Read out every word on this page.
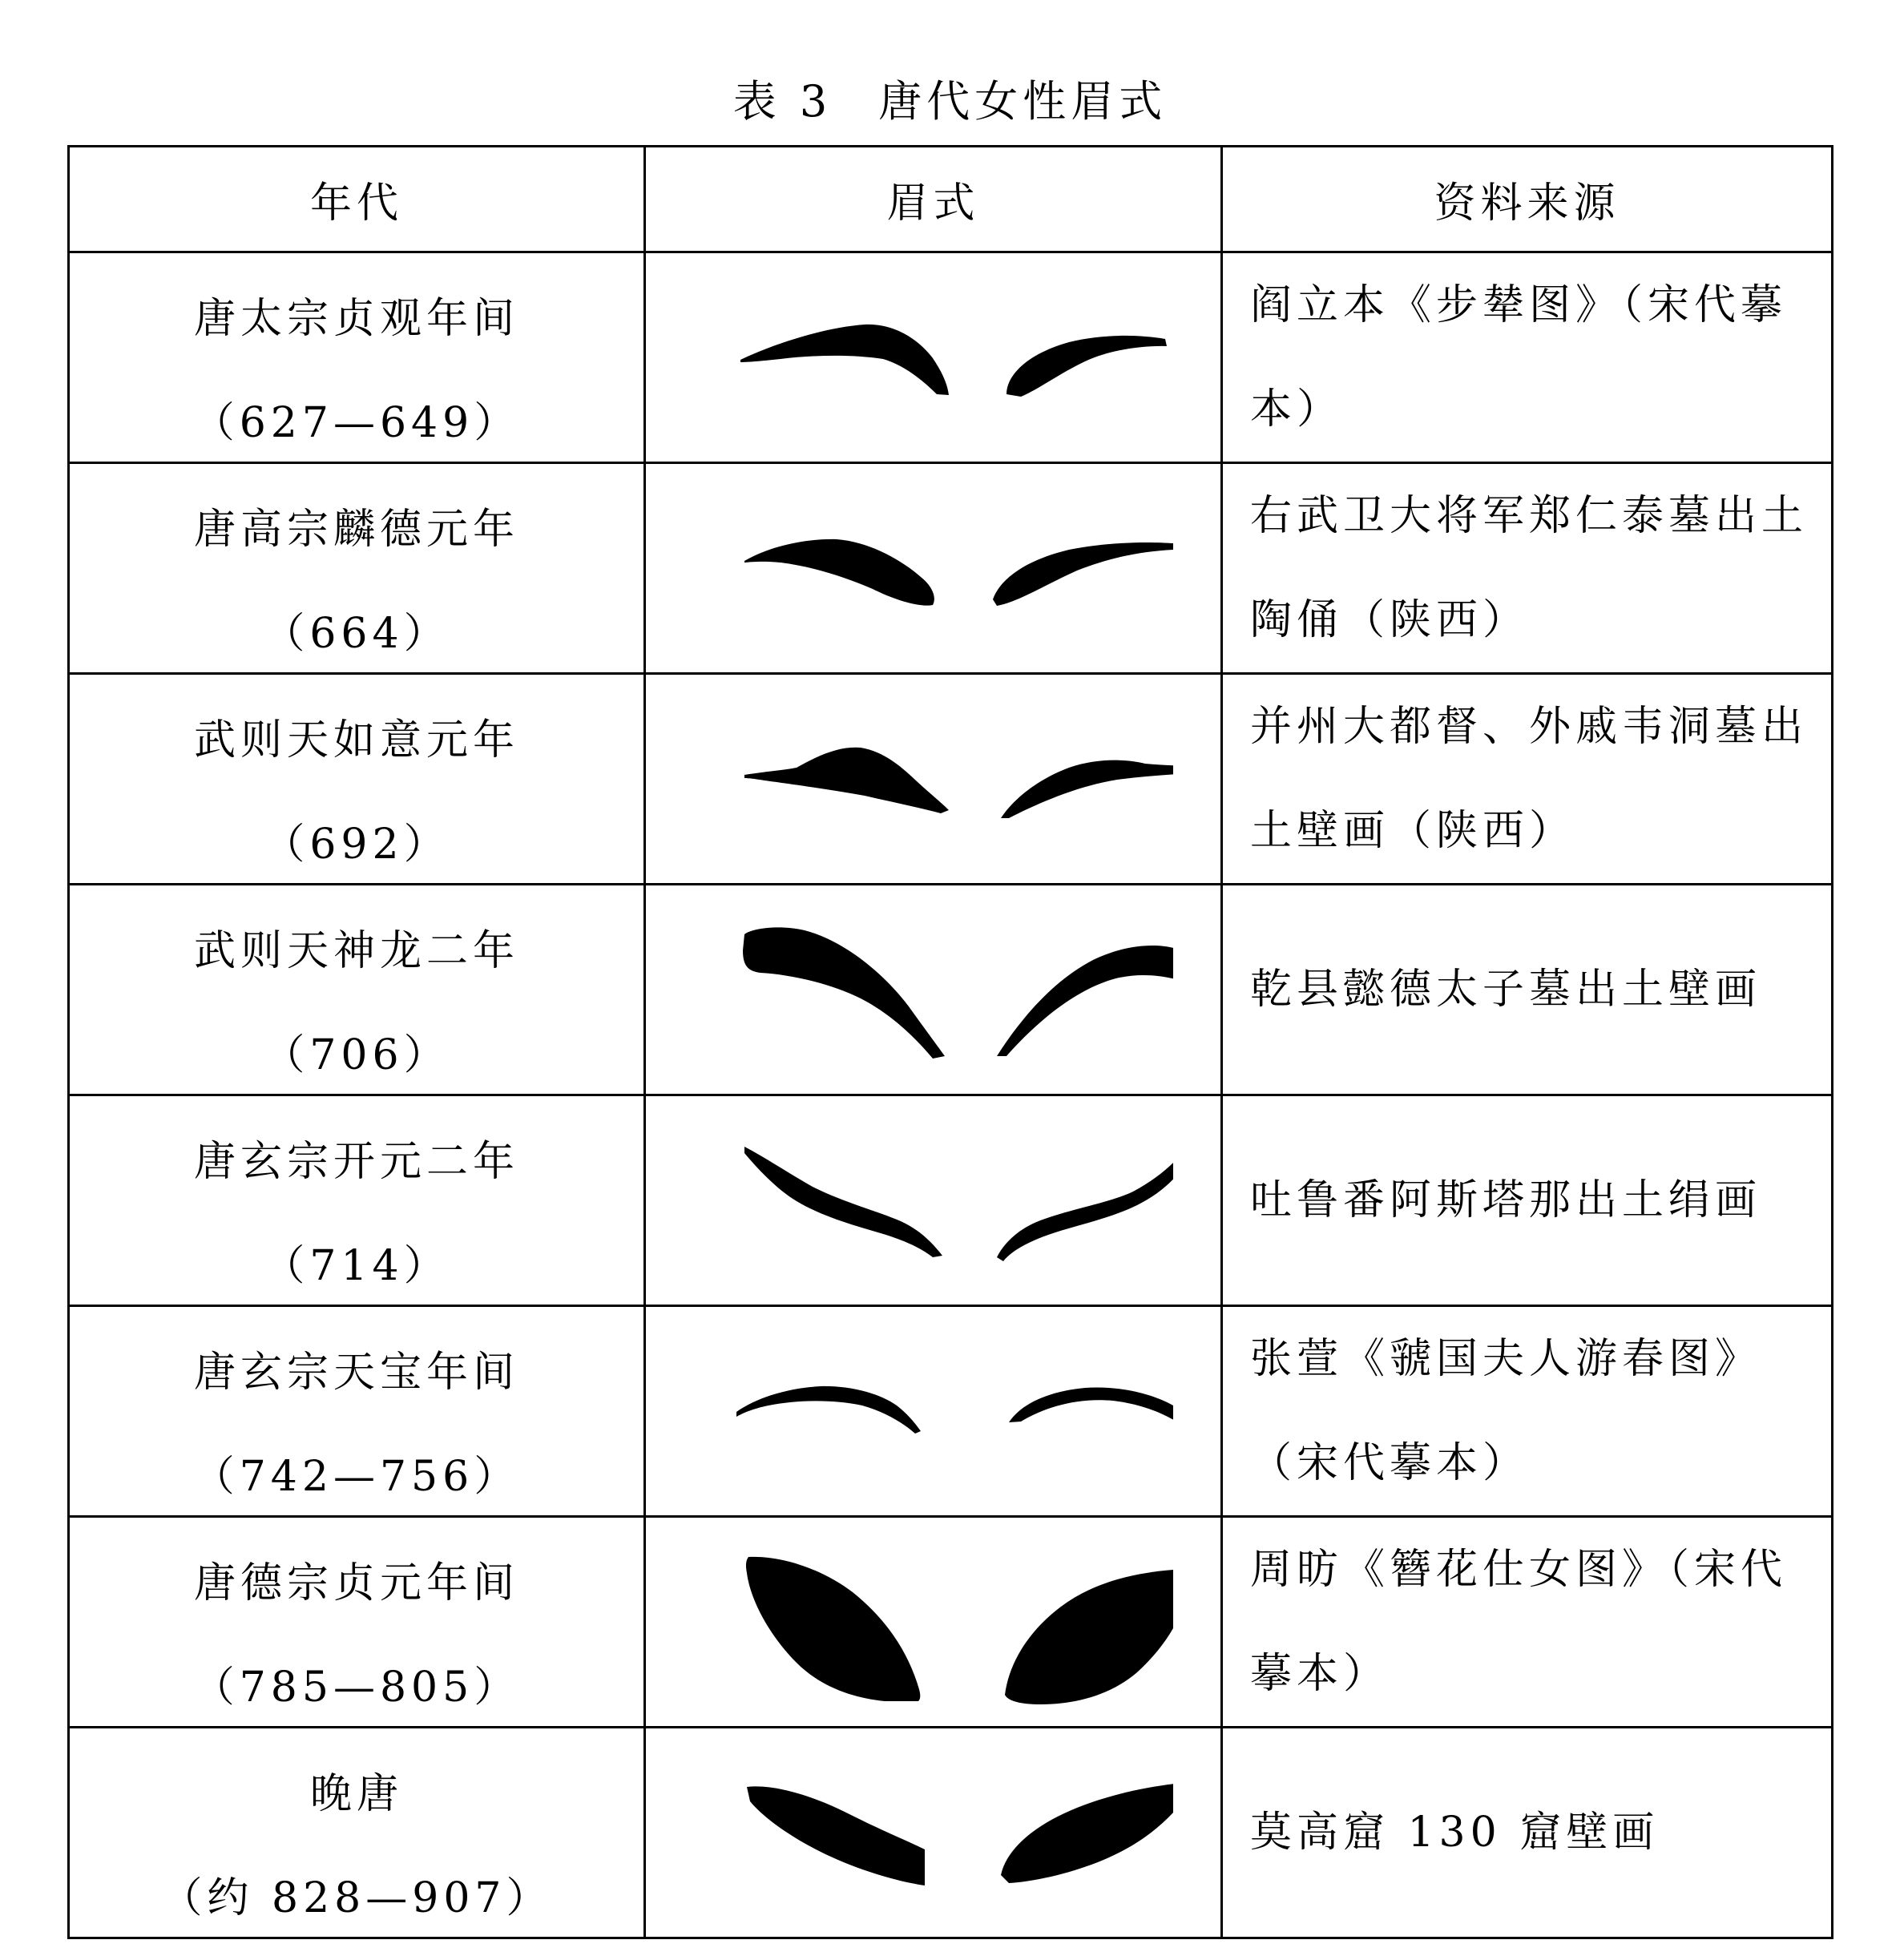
表 3 唐代女性眉式
年代	眉式	资料来源

唐太宗贞观年间
（627—649）		阎立本《步辇图》（宋代摹本）

唐高宗麟德元年
（664）		右武卫大将军郑仁泰墓出土陶俑（陕西）

武则天如意元年
（692）		并州大都督、外戚韦洞墓出土壁画（陕西）

武则天神龙二年
（706）		乾县懿德太子墓出土壁画

唐玄宗开元二年
（714）		吐鲁番阿斯塔那出土绢画

唐玄宗天宝年间
（742—756）		张萱《虢国夫人游春图》（宋代摹本）

唐德宗贞元年间
（785—805）		周昉《簪花仕女图》（宋代摹本）

晚唐
（约 828—907）		莫高窟 130 窟壁画
